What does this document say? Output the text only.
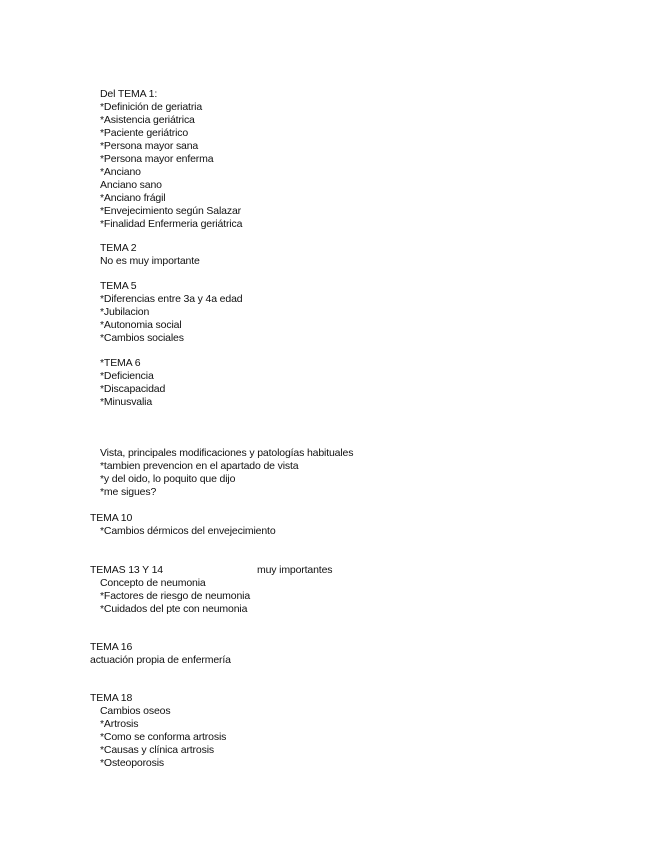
Del TEMA 1:
*Definición de geriatria
*Asistencia geriátrica
*Paciente geriátrico
*Persona mayor sana
*Persona mayor enferma
*Anciano
Anciano sano
*Anciano frágil
*Envejecimiento según Salazar
*Finalidad Enfermeria geriátrica
TEMA 2
No es muy importante
TEMA 5
*Diferencias entre 3a y 4a edad
*Jubilacion
*Autonomia social
*Cambios sociales
*TEMA 6
*Deficiencia
*Discapacidad
*Minusvalia
Vista, principales modificaciones y patologías habituales
*tambien prevencion en el apartado de vista
*y del oido, lo poquito que dijo
*me sigues?
TEMA 10
*Cambios dérmicos del envejecimiento
TEMAS 13 Y 14	muy importantes
Concepto de neumonia
*Factores de riesgo de neumonia
*Cuidados del pte con neumonia
TEMA 16
actuación propia de enfermería
TEMA 18
Cambios oseos
*Artrosis
*Como se conforma artrosis
*Causas y clínica artrosis
*Osteoporosis
